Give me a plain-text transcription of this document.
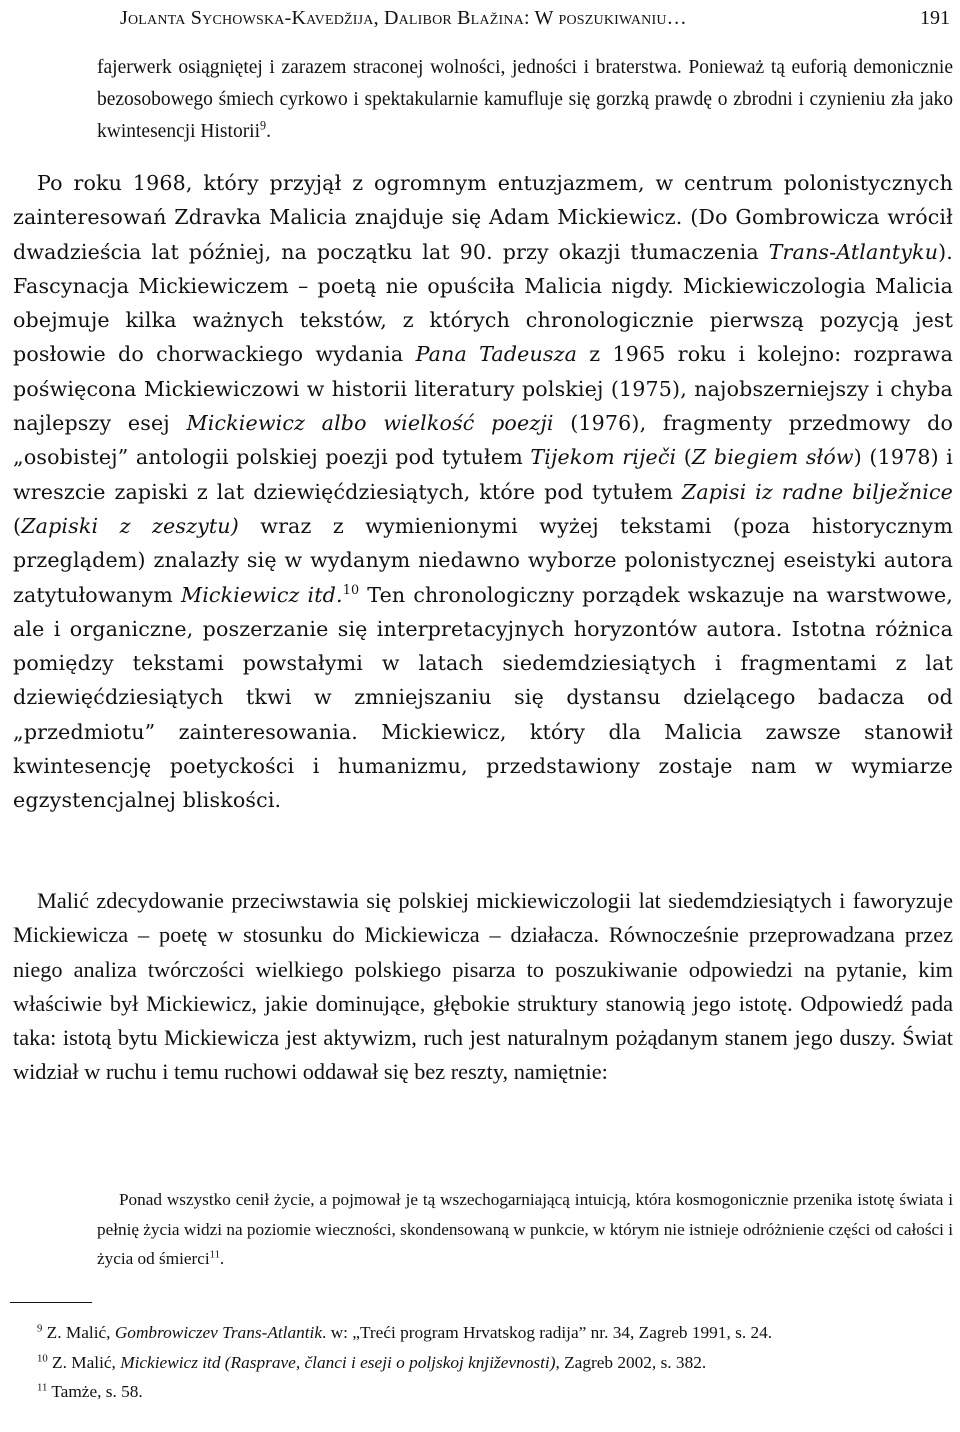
Jolanta Sychowska-Kavedžija, Dalibor Blažina: W poszukiwaniu…	191

fajerwerk osiągniętej i zarazem straconej wolności, jedności i braterstwa. Ponieważ tą euforią demonicznie bezosobowego śmiech cyrkowo i spektakularnie kamufluje się gorzką prawdę o zbrodni i czynieniu zła jako kwintesencji Historii$^9$.

Po roku 1968, który przyjął z ogromnym entuzjazmem, w centrum polonistycznych zainteresowań Zdravka Malicia znajduje się Adam Mickiewicz. (Do Gombrowicza wrócił dwadzieścia lat później, na początku lat 90. przy okazji tłumaczenia Trans-Atlantyku). Fascynacja Mickiewiczem – poetą nie opuściła Malicia nigdy. Mickiewiczologia Malicia obejmuje kilka ważnych tekstów, z których chronologicznie pierwszą pozycją jest posłowie do chorwackiego wydania Pana Tadeusza z 1965 roku i kolejno: rozprawa poświęcona Mickiewiczowi w historii literatury polskiej (1975), najobszerniejszy i chyba najlepszy esej Mickiewicz albo wielkość poezji (1976), fragmenty przedmowy do „osobistej” antologii polskiej poezji pod tytułem Tijekom riječi (Z biegiem słów) (1978) i wreszcie zapiski z lat dziewięćdziesiątych, które pod tytułem Zapisi iz radne bilježnice (Zapiski z zeszytu) wraz z wymienionymi wyżej tekstami (poza historycznym przeglądem) znalazły się w wydanym niedawno wyborze polonistycznej eseistyki autora zatytułowanym Mickiewicz itd.$^{10}$ Ten chronologiczny porządek wskazuje na warstwowe, ale i organiczne, poszerzanie się interpretacyjnych horyzontów autora. Istotna różnica pomiędzy tekstami powstałymi w latach siedemdziesiątych i fragmentami z lat dziewięćdziesiątych tkwi w zmniejszaniu się dystansu dzielącego badacza od „przedmiotu” zainteresowania. Mickiewicz, który dla Malicia zawsze stanowił kwintesencję poetyckości i humanizmu, przedstawiony zostaje nam w wymiarze egzystencjalnej bliskości.

Malić zdecydowanie przeciwstawia się polskiej mickiewiczologii lat siedemdziesiątych i faworyzuje Mickiewicza – poetę w stosunku do Mickiewicza – działacza. Równocześnie przeprowadzana przez niego analiza twórczości wielkiego polskiego pisarza to poszukiwanie odpowiedzi na pytanie, kim właściwie był Mickiewicz, jakie dominujące, głębokie struktury stanowią jego istotę. Odpowiedź pada taka: istotą bytu Mickiewicza jest aktywizm, ruch jest naturalnym pożądanym stanem jego duszy. Świat widział w ruchu i temu ruchowi oddawał się bez reszty, namiętnie:

Ponad wszystko cenił życie, a pojmował je tą wszechogarniającą intuicją, która kosmogonicznie przenika istotę świata i pełnię życia widzi na poziomie wieczności, skondensowaną w punkcie, w którym nie istnieje odróżnienie części od całości i życia od śmierci$^{11}$.

$^9$ Z. Malić, Gombrowiczev Trans-Atlantik. w: „Treći program Hrvatskog radija” nr. 34, Zagreb 1991, s. 24.

$^{10}$ Z. Malić, Mickiewicz itd (Rasprave, članci i eseji o poljskoj književnosti), Zagreb 2002, s. 382.

$^{11}$ Tamże, s. 58.
